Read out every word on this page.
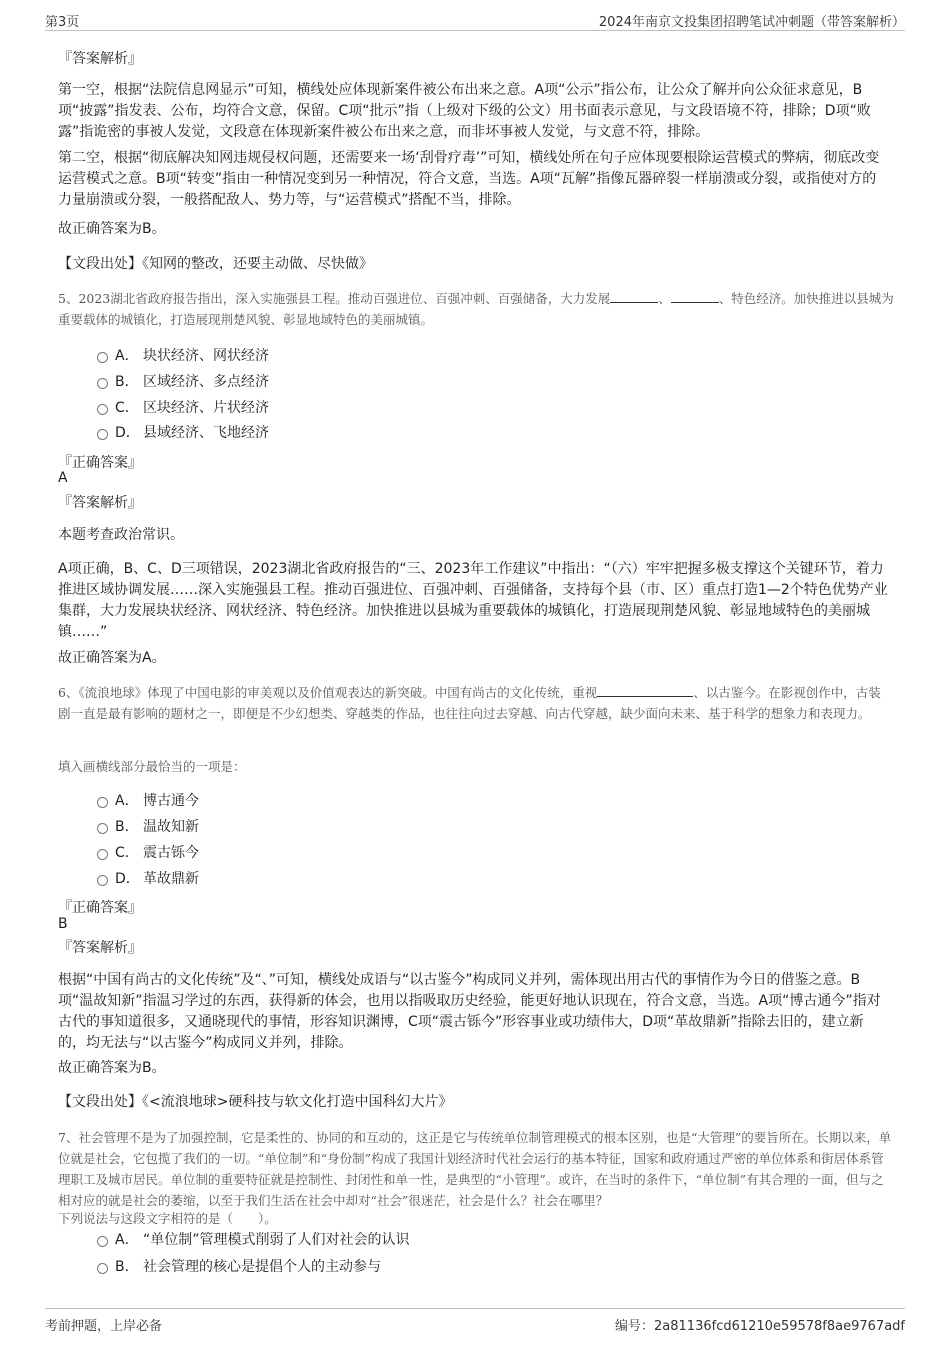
第3页	2024年南京文投集团招聘笔试冲刺题（带答案解析）
『答案解析』
第一空，根据“法院信息网显示”可知，横线处应体现新案件被公布出来之意。A项“公示”指公布，让公众了解并向公众征求意见，B项“披露”指发表、公布，均符合文意，保留。C项“批示”指（上级对下级的公文）用书面表示意见，与文段语境不符，排除；D项“败露”指诡密的事被人发觉，文段意在体现新案件被公布出来之意，而非坏事被人发觉，与文意不符，排除。
第二空，根据“彻底解决知网违规侵权问题，还需要来一场‘刮骨疗毒’”可知，横线处所在句子应体现要根除运营模式的弊病，彻底改变运营模式之意。B项“转变”指由一种情况变到另一种情况，符合文意，当选。A项“瓦解”指像瓦器碎裂一样崩溃或分裂，或指使对方的力量崩溃或分裂，一般搭配敌人、势力等，与“运营模式”搭配不当，排除。
故正确答案为B。
【文段出处】《知网的整改，还要主动做、尽快做》
5、2023湖北省政府报告指出，深入实施强县工程。推动百强进位、百强冲刺、百强储备，大力发展	、	、特色经济。加快推进以县城为重要载体的城镇化，打造展现荆楚风貌、彰显地域特色的美丽城镇。
A． 块状经济、网状经济
B． 区域经济、多点经济
C． 区块经济、片状经济
D． 县域经济、飞地经济
『正确答案』
A
『答案解析』
本题考查政治常识。
A项正确，B、C、D三项错误，2023湖北省政府报告的“三、2023年工作建议”中指出：“（六）牢牢把握多极支撑这个关键环节，着力推进区域协调发展……深入实施强县工程。推动百强进位、百强冲刺、百强储备，支持每个县（市、区）重点打造1—2个特色优势产业集群，大力发展块状经济、网状经济、特色经济。加快推进以县城为重要载体的城镇化，打造展现荆楚风貌、彰显地域特色的美丽城镇……”
故正确答案为A。
6、《流浪地球》体现了中国电影的审美观以及价值观表达的新突破。中国有尚古的文化传统，重视	、以古鉴今。在影视创作中，古装剧一直是最有影响的题材之一，即便是不少幻想类、穿越类的作品，也往往向过去穿越、向古代穿越，缺少面向未来、基于科学的想象力和表现力。
填入画横线部分最恰当的一项是：
A． 博古通今
B． 温故知新
C． 震古铄今
D． 革故鼎新
『正确答案』
B
『答案解析』
根据“中国有尚古的文化传统”及“、”可知，横线处成语与“以古鉴今”构成同义并列，需体现出用古代的事情作为今日的借鉴之意。B项“温故知新”指温习学过的东西，获得新的体会，也用以指吸取历史经验，能更好地认识现在，符合文意，当选。A项“博古通今”指对古代的事知道很多，又通晓现代的事情，形容知识渊博，C项“震古铄今”形容事业或功绩伟大，D项“革故鼎新”指除去旧的，建立新的，均无法与“以古鉴今”构成同义并列，排除。
故正确答案为B。
【文段出处】《<流浪地球>硬科技与软文化打造中国科幻大片》
7、社会管理不是为了加强控制，它是柔性的、协同的和互动的，这正是它与传统单位制管理模式的根本区别，也是“大管理”的要旨所在。长期以来，单位就是社会，它包揽了我们的一切。“单位制”和“身份制”构成了我国计划经济时代社会运行的基本特征，国家和政府通过严密的单位体系和街居体系管理职工及城市居民。单位制的重要特征就是控制性、封闭性和单一性，是典型的“小管理”。或许，在当时的条件下，“单位制”有其合理的一面，但与之相对应的就是社会的萎缩，以至于我们生活在社会中却对“社会”很迷茫，社会是什么？社会在哪里？
下列说法与这段文字相符的是（　　）。
A． “单位制”管理模式削弱了人们对社会的认识
B． 社会管理的核心是提倡个人的主动参与
考前押题，上岸必备	编号：2a81136fcd61210e59578f8ae9767adf
